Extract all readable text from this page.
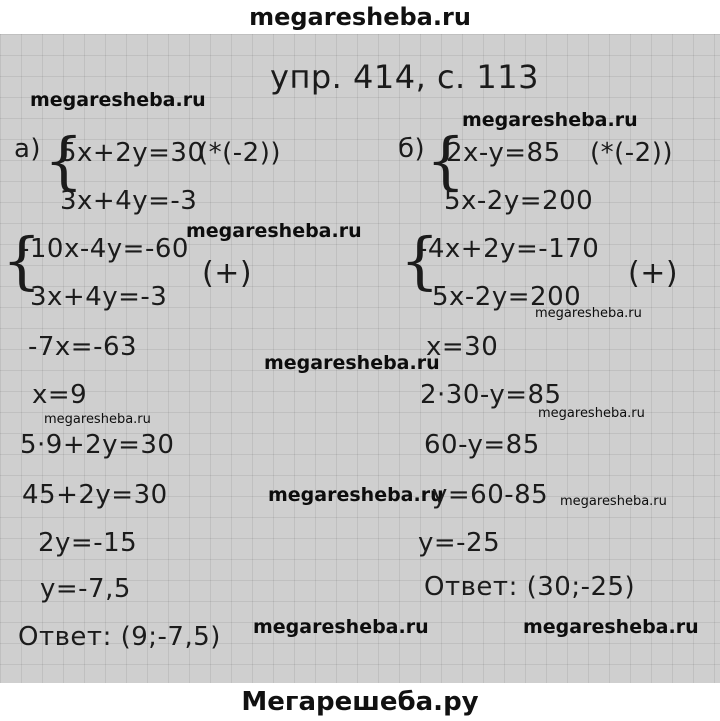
megaresheba.ru
упр. 414, с. 113
megaresheba.ru
megaresheba.ru
megaresheba.ru
megaresheba.ru
megaresheba.ru
megaresheba.ru	megaresheba.ru
megaresheba.ru	megaresheba.ru
megaresheba.ru	megaresheba.ru
а) {
5x+2y=30
(*(-2))
3x+4y=-3
{
-10x-4y=-60
(+)
3x+4y=-3
-7x=-63
x=9
5·9+2y=30
45+2y=30
2y=-15
y=-7,5
Ответ: (9;-7,5)
б) {
2x-y=85 (*(-2))
5x-2y=200
{
-4x+2y=-170
(+)
5x-2y=200
x=30
2·30-y=85
60-y=85
y=60-85
y=-25
Ответ: (30;-25)
Мегарешеба.ру
